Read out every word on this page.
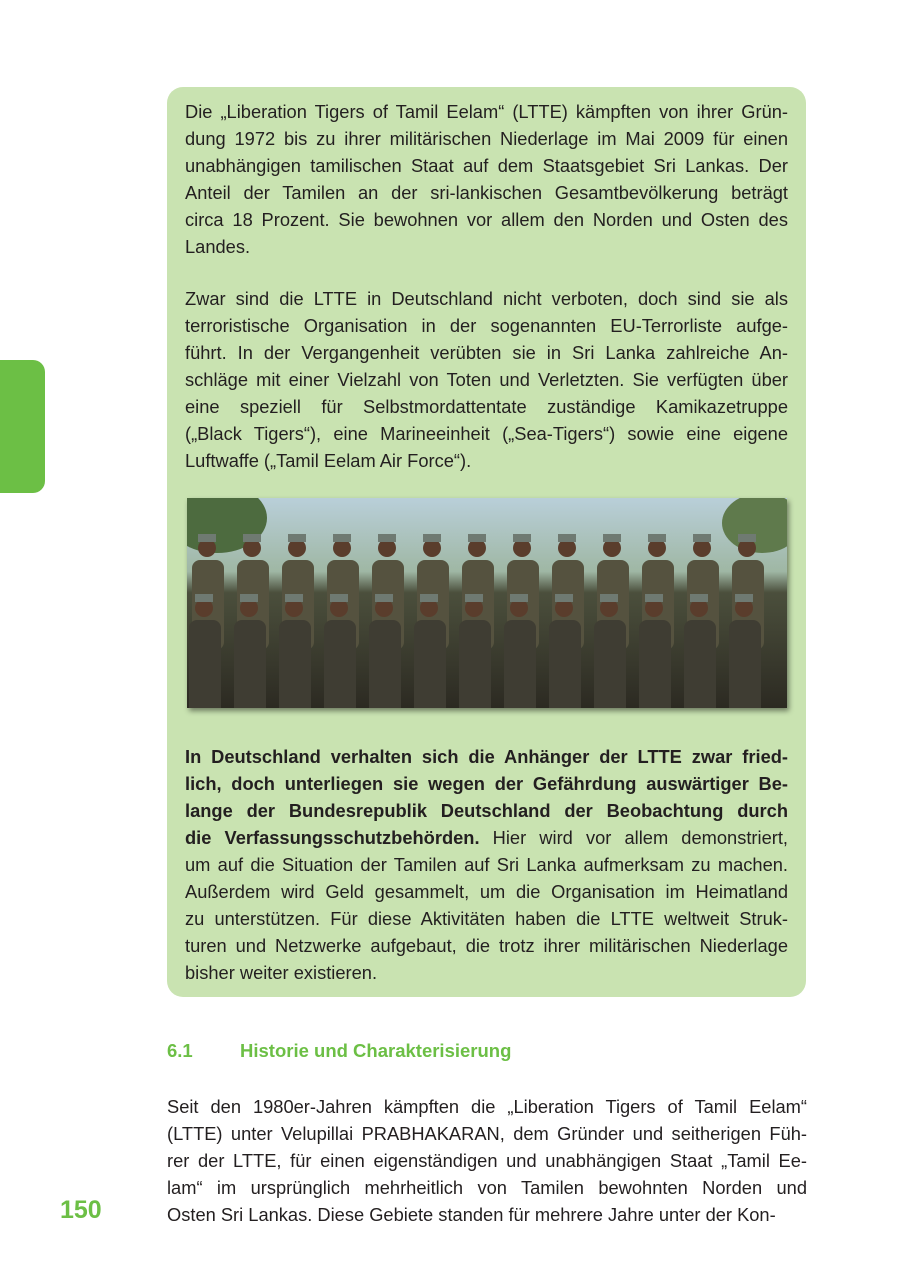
Die „Liberation Tigers of Tamil Eelam“ (LTTE) kämpften von ihrer Grün-
dung 1972 bis zu ihrer militärischen Niederlage im Mai 2009 für einen
unabhängigen tamilischen Staat auf dem Staatsgebiet Sri Lankas. Der
Anteil der Tamilen an der sri-lankischen Gesamtbevölkerung beträgt
circa 18 Prozent. Sie bewohnen vor allem den Norden und Osten des
Landes.
Zwar sind die LTTE in Deutschland nicht verboten, doch sind sie als
terroristische Organisation in der sogenannten EU-Terrorliste aufge-
führt. In der Vergangenheit verübten sie in Sri Lanka zahlreiche An-
schläge mit einer Vielzahl von Toten und Verletzten. Sie verfügten über
eine speziell für Selbstmordattentate zuständige Kamikazetruppe
(„Black Tigers“), eine Marineeinheit („Sea-Tigers“) sowie eine eigene
Luftwaffe („Tamil Eelam Air Force“).
In Deutschland verhalten sich die Anhänger der LTTE zwar fried-
lich, doch unterliegen sie wegen der Gefährdung auswärtiger Be-
lange der Bundesrepublik Deutschland der Beobachtung durch
die Verfassungsschutzbehörden. Hier wird vor allem demonstriert,
um auf die Situation der Tamilen auf Sri Lanka aufmerksam zu machen.
Außerdem wird Geld gesammelt, um die Organisation im Heimatland
zu unterstützen. Für diese Aktivitäten haben die LTTE weltweit Struk-
turen und Netzwerke aufgebaut, die trotz ihrer militärischen Niederlage
bisher weiter existieren.
6.1	Historie und Charakterisierung
Seit den 1980er-Jahren kämpften die „Liberation Tigers of Tamil Eelam“
(LTTE) unter Velupillai PRABHAKARAN, dem Gründer und seitherigen Füh-
rer der LTTE, für einen eigenständigen und unabhängigen Staat „Tamil Ee-
lam“ im ursprünglich mehrheitlich von Tamilen bewohnten Norden und
Osten Sri Lankas. Diese Gebiete standen für mehrere Jahre unter der Kon-
150
